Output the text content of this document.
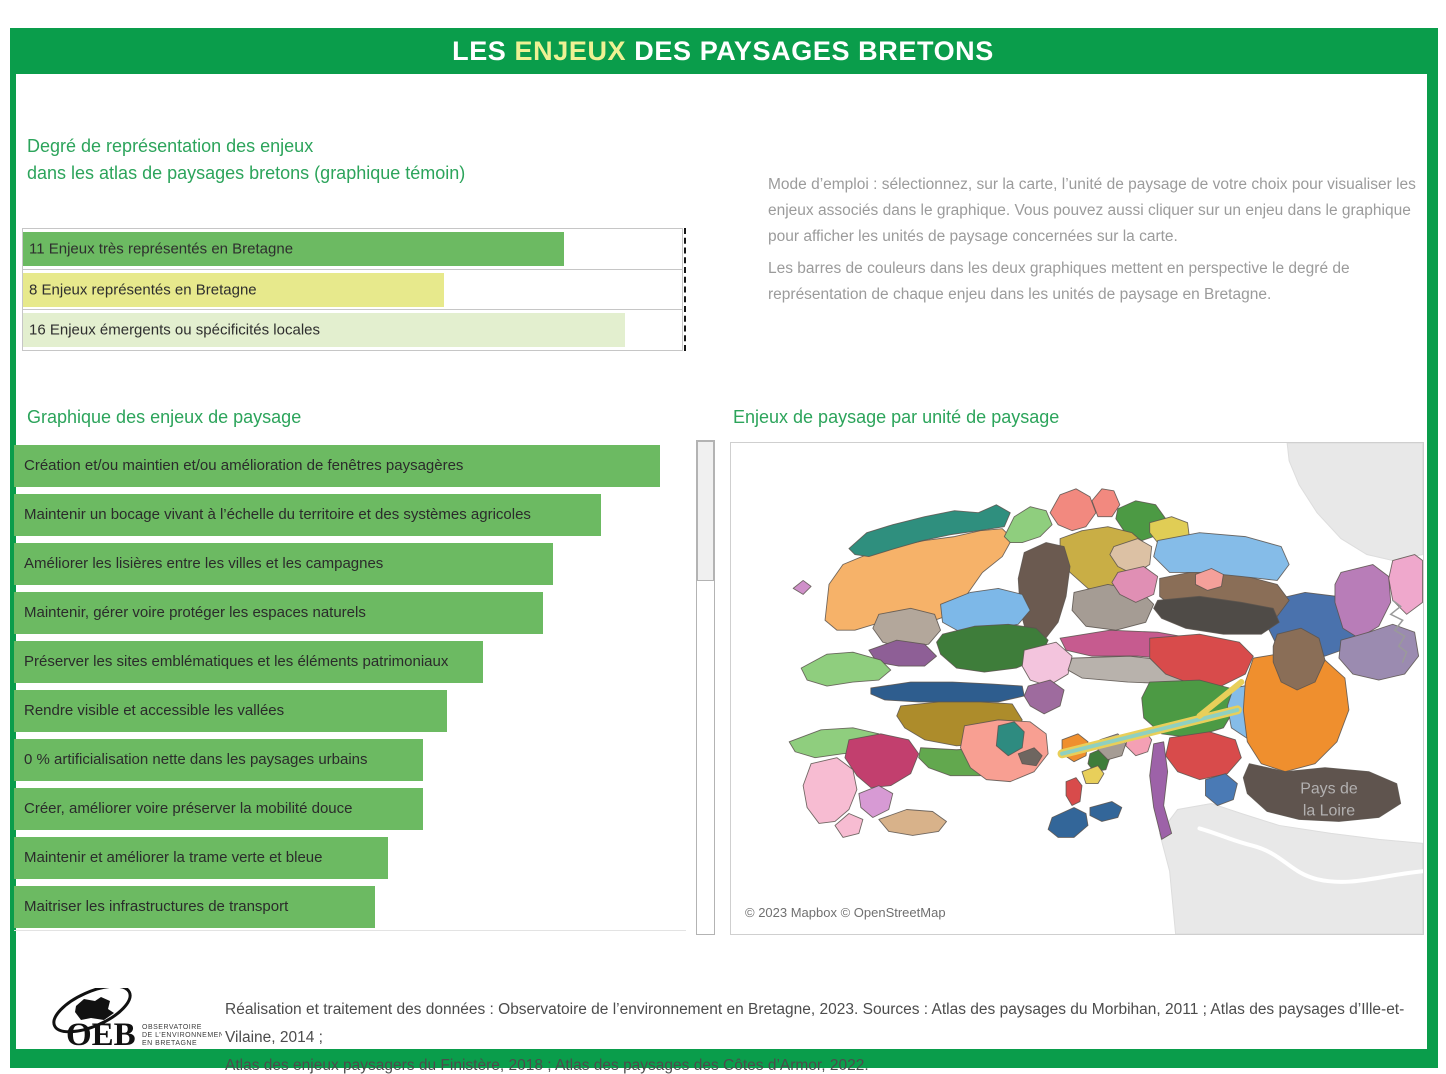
LES ENJEUX DES PAYSAGES BRETONS
Degré de représentation des enjeux
dans les atlas de paysages bretons (graphique témoin)
11 Enjeux très représentés en Bretagne
8 Enjeux représentés en Bretagne
16 Enjeux émergents ou spécificités locales

Mode d’emploi : sélectionnez, sur la carte, l’unité de paysage de votre choix pour visualiser les enjeux associés dans le graphique. Vous pouvez aussi cliquer sur un enjeu dans le graphique pour afficher les unités de paysage concernées sur la carte.

Les barres de couleurs dans les deux graphiques mettent en perspective le degré de représentation de chaque enjeu dans les unités de paysage en Bretagne.

Graphique des enjeux de paysage
Création et/ou maintien et/ou amélioration de fenêtres paysagères
Maintenir un bocage vivant à l’échelle du territoire et des systèmes agricoles
Améliorer les lisières entre les villes et les campagnes
Maintenir, gérer voire protéger les espaces naturels
Préserver les sites emblématiques et les éléments patrimoniaux
Rendre visible et accessible les vallées
0 % artificialisation nette dans les paysages urbains
Créer, améliorer voire préserver la mobilité douce
Maintenir et améliorer la trame verte et bleue
Maitriser les infrastructures de transport
Enjeux de paysage par unité de paysage
Pays de
la Loire
© 2023 Mapbox © OpenStreetMap
OEB OBSERVATOIRE
DE L’ENVIRONNEMENT
EN BRETAGNE
Réalisation et traitement des données : Observatoire de l’environnement en Bretagne, 2023. Sources : Atlas des paysages du Morbihan, 2011 ; Atlas des paysages d’Ille-et-Vilaine, 2014 ;
Atlas des enjeux paysagers du Finistère, 2018 ; Atlas des paysages des Côtes d’Armor, 2022.
